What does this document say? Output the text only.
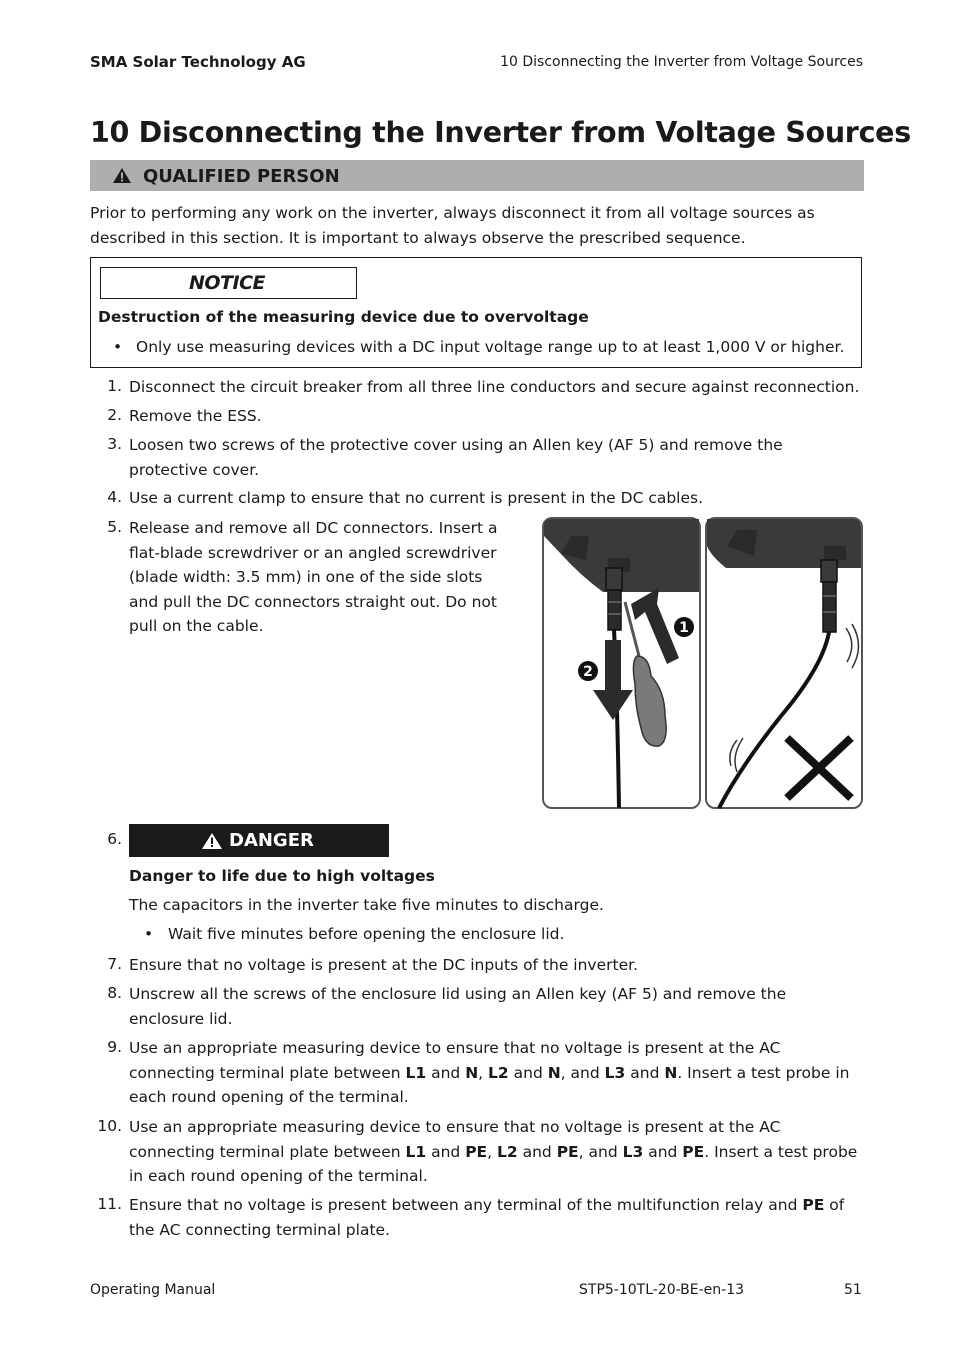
SMA Solar Technology AG	10 Disconnecting the Inverter from Voltage Sources
10 Disconnecting the Inverter from Voltage Sources
QUALIFIED PERSON
Prior to performing any work on the inverter, always disconnect it from all voltage sources as described in this section. It is important to always observe the prescribed sequence.
NOTICE
Destruction of the measuring device due to overvoltage
• Only use measuring devices with a DC input voltage range up to at least 1,000 V or higher.
1. Disconnect the circuit breaker from all three line conductors and secure against reconnection.
2. Remove the ESS.
3. Loosen two screws of the protective cover using an Allen key (AF 5) and remove the protective cover.
4. Use a current clamp to ensure that no current is present in the DC cables.
5. Release and remove all DC connectors. Insert a flat-blade screwdriver or an angled screwdriver (blade width: 3.5 mm) in one of the side slots and pull the DC connectors straight out. Do not pull on the cable.	1
2
6.	DANGER
Danger to life due to high voltages
The capacitors in the inverter take five minutes to discharge.
• Wait five minutes before opening the enclosure lid.
7. Ensure that no voltage is present at the DC inputs of the inverter.
8. Unscrew all the screws of the enclosure lid using an Allen key (AF 5) and remove the enclosure lid.
9. Use an appropriate measuring device to ensure that no voltage is present at the AC connecting terminal plate between L1 and N, L2 and N, and L3 and N. Insert a test probe in each round opening of the terminal.
10. Use an appropriate measuring device to ensure that no voltage is present at the AC connecting terminal plate between L1 and PE, L2 and PE, and L3 and PE. Insert a test probe in each round opening of the terminal.
11. Ensure that no voltage is present between any terminal of the multifunction relay and PE of the AC connecting terminal plate.
Operating Manual	STP5-10TL-20-BE-en-13	51
